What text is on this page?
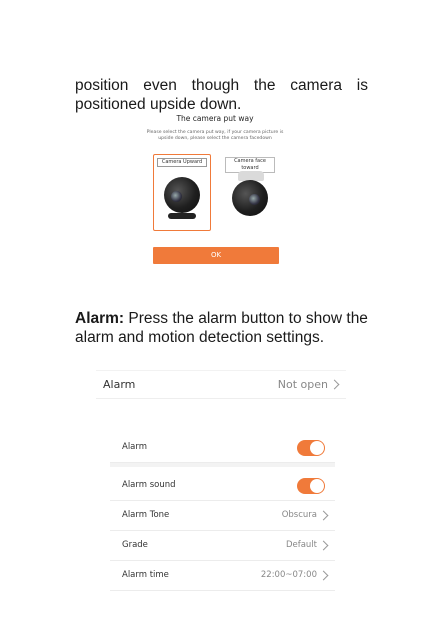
position even though the camera is positioned upside down.
The camera put way
Please select the camera put way, if your camera picture is upside down, please select the camera facedown
Camera Upward	Camera face toward
OK
Alarm: Press the alarm button to show the alarm and motion detection settings.
Alarm	Not open
Alarm
Alarm sound
Alarm Tone	Obscura
Grade	Default
Alarm time	22:00~07:00
